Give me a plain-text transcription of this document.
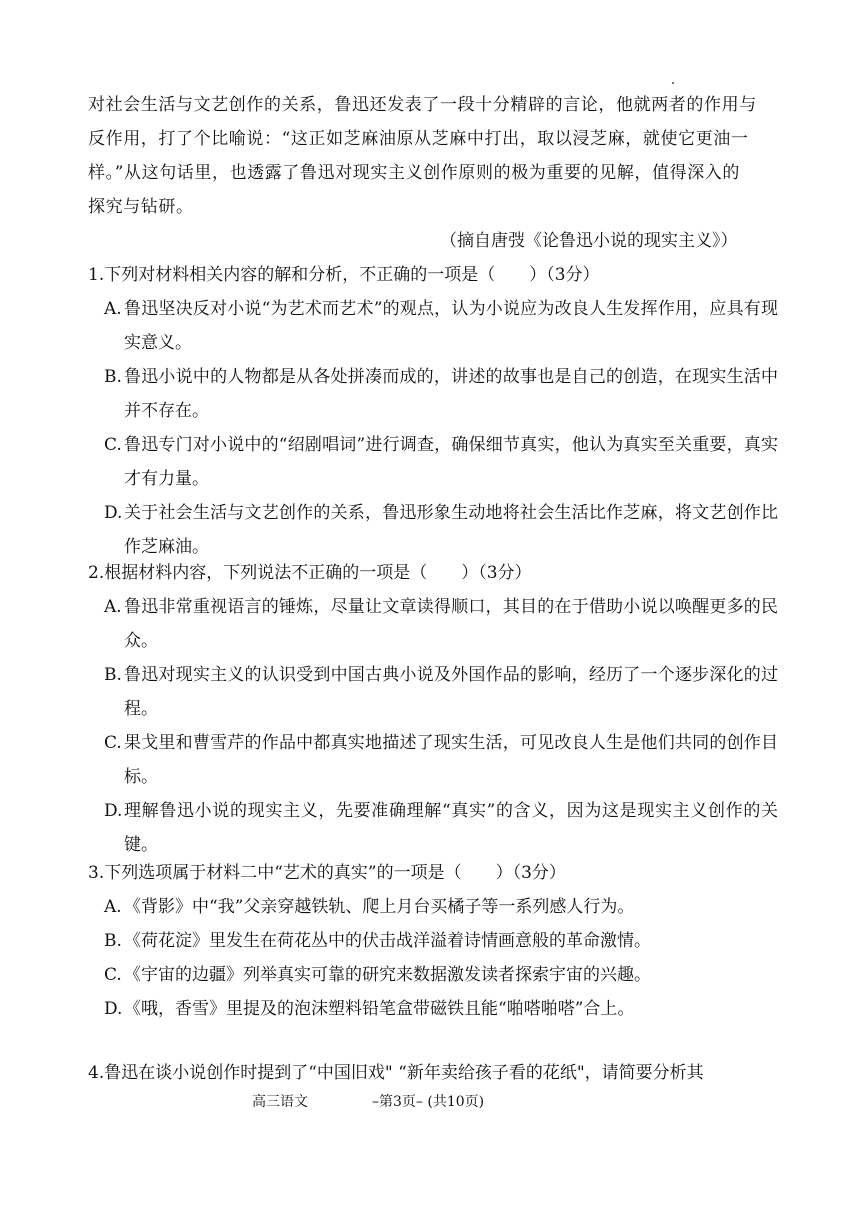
对社会生活与文艺创作的关系，鲁迅还发表了一段十分精辟的言论，他就两者的作用与
反作用，打了个比喻说：“这正如芝麻油原从芝麻中打出，取以浸芝麻，就使它更油一
样。”从这句话里，也透露了鲁迅对现实主义创作原则的极为重要的见解，值得深入的
探究与钻研。
（摘自唐弢《论鲁迅小说的现实主义》）
1.下列对材料相关内容的解和分析，不正确的一项是（　　）（3分）
A. 鲁迅坚决反对小说“为艺术而艺术”的观点，认为小说应为改良人生发挥作用，应具有现实意义。
B. 鲁迅小说中的人物都是从各处拼凑而成的，讲述的故事也是自己的创造，在现实生活中并不存在。
C. 鲁迅专门对小说中的“绍剧唱词”进行调查，确保细节真实，他认为真实至关重要，真实才有力量。
D. 关于社会生活与文艺创作的关系，鲁迅形象生动地将社会生活比作芝麻，将文艺创作比作芝麻油。
2.根据材料内容，下列说法不正确的一项是（　　）（3分）
A. 鲁迅非常重视语言的锤炼，尽量让文章读得顺口，其目的在于借助小说以唤醒更多的民众。
B. 鲁迅对现实主义的认识受到中国古典小说及外国作品的影响，经历了一个逐步深化的过程。
C. 果戈里和曹雪芹的作品中都真实地描述了现实生活，可见改良人生是他们共同的创作目标。
D. 理解鲁迅小说的现实主义，先要准确理解“真实”的含义，因为这是现实主义创作的关键。
3.下列选项属于材料二中“艺术的真实”的一项是（　　）（3分）
A. 《背影》中“我”父亲穿越铁轨、爬上月台买橘子等一系列感人行为。
B. 《荷花淀》里发生在荷花丛中的伏击战洋溢着诗情画意般的革命激情。
C. 《宇宙的边疆》列举真实可靠的研究来数据激发读者探索宇宙的兴趣。
D. 《哦，香雪》里提及的泡沫塑料铅笔盒带磁铁且能“啪嗒啪嗒”合上。
4.鲁迅在谈小说创作时提到了“中国旧戏" “新年卖给孩子看的花纸"，请简要分析其
高三语文	–第3页– (共10页)
